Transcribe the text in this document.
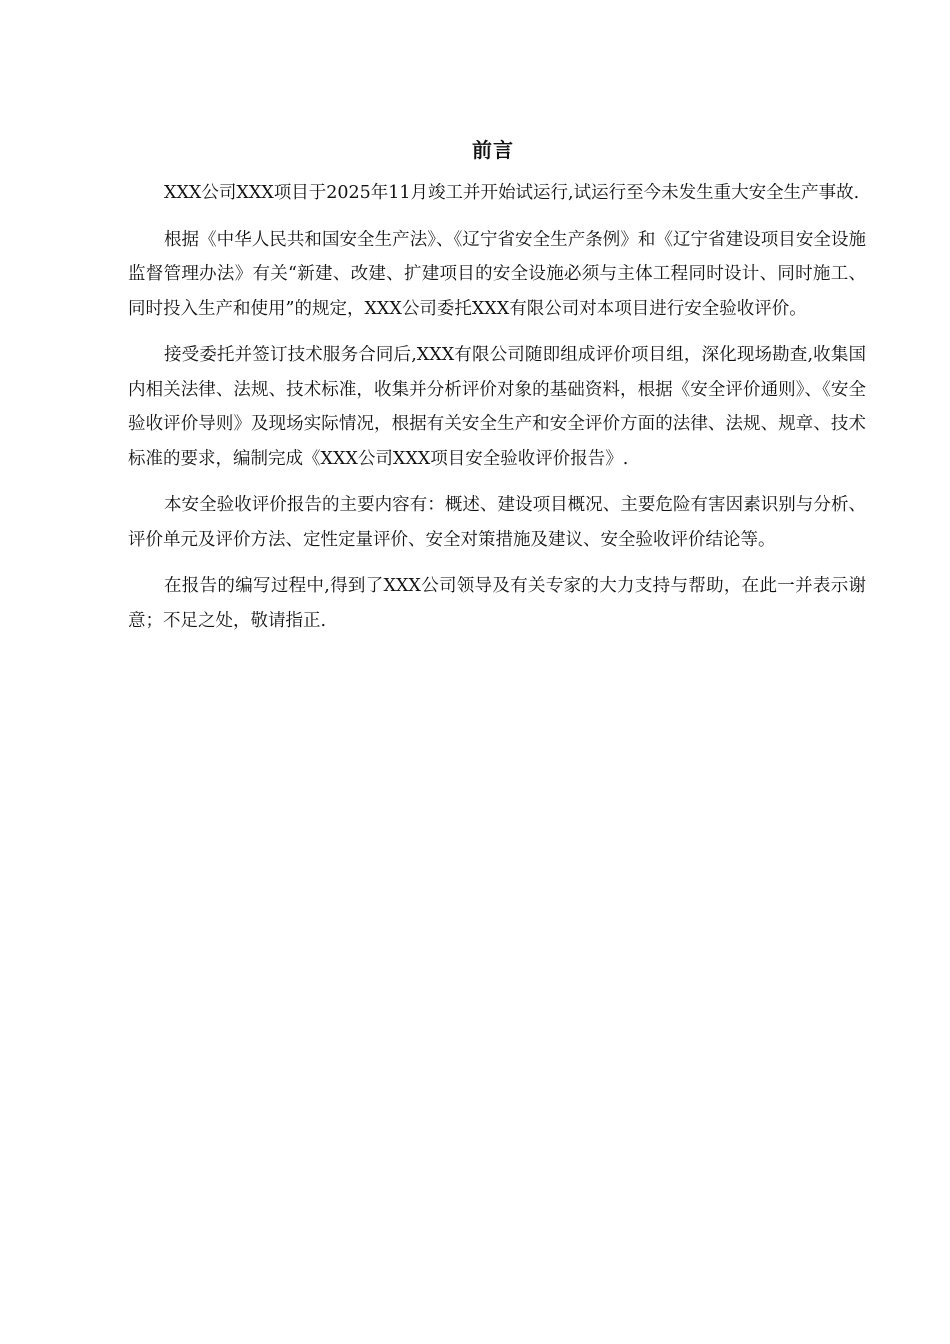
前言

XXX公司XXX项目于2025年11月竣工并开始试运行,试运行至今未发生重大安全生产事故.

根据《中华人民共和国安全生产法》、《辽宁省安全生产条例》和《辽宁省建设项目安全设施监督管理办法》有关“新建、改建、扩建项目的安全设施必须与主体工程同时设计、同时施工、同时投入生产和使用”的规定，XXX公司委托XXX有限公司对本项目进行安全验收评价。

接受委托并签订技术服务合同后,XXX有限公司随即组成评价项目组，深化现场勘查,收集国内相关法律、法规、技术标准，收集并分析评价对象的基础资料，根据《安全评价通则》、《安全验收评价导则》及现场实际情况，根据有关安全生产和安全评价方面的法律、法规、规章、技术标准的要求，编制完成《XXX公司XXX项目安全验收评价报告》.

本安全验收评价报告的主要内容有：概述、建设项目概况、主要危险有害因素识别与分析、评价单元及评价方法、定性定量评价、安全对策措施及建议、安全验收评价结论等。

在报告的编写过程中,得到了XXX公司领导及有关专家的大力支持与帮助，在此一并表示谢意；不足之处，敬请指正.
